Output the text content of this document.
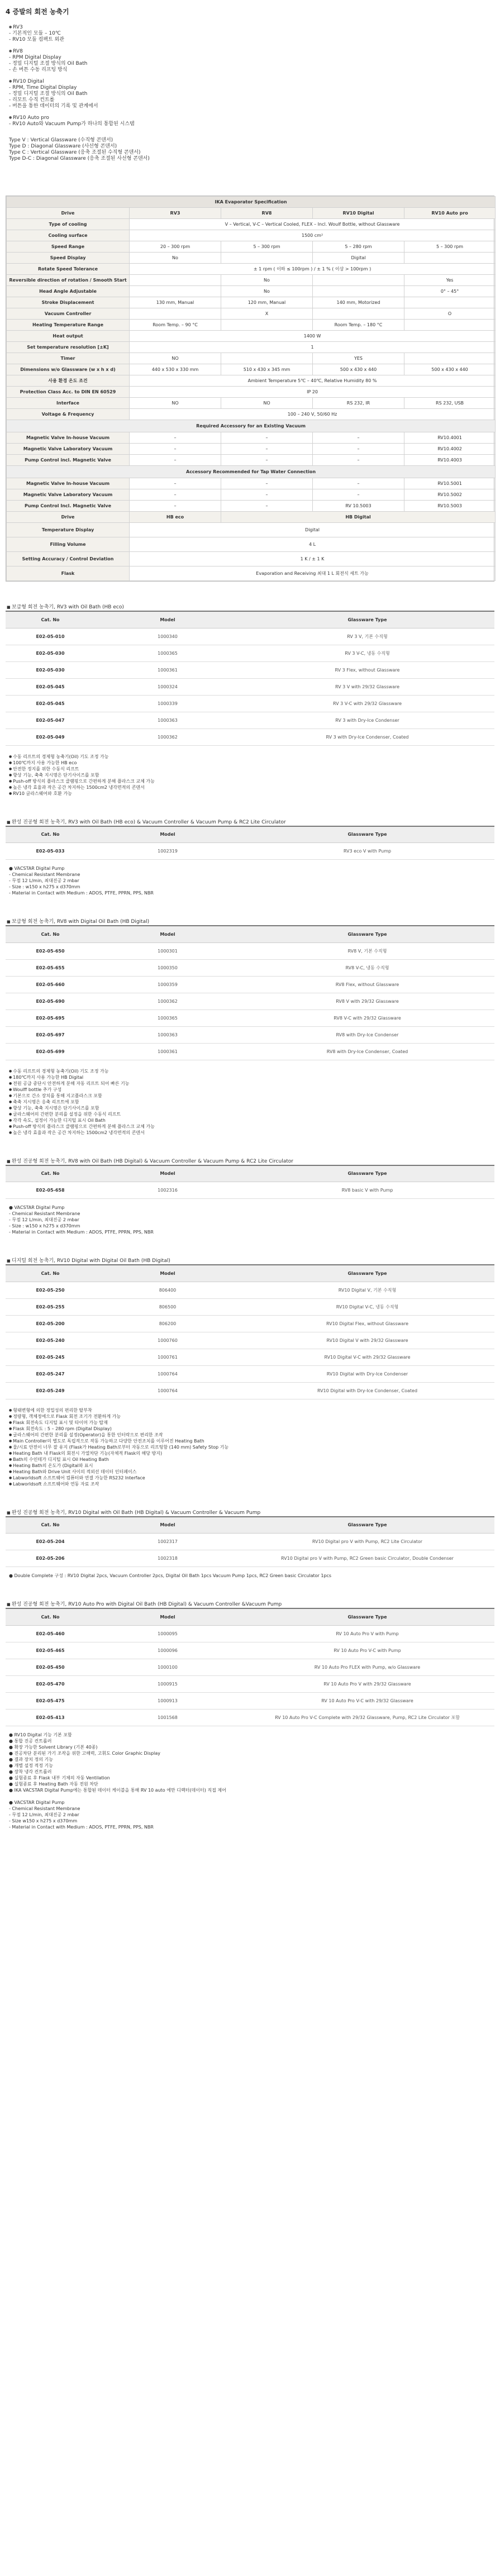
4 증발의 회전 농축기
● RV3
- 기본적인 모듈 – 10℃
- RV10 모듈 컴팩트 외관
● RV8
- RPM Digital Display
- 정밀 디지털 조절 방식의 Oil Bath
- 손 버튼 수동 리프팅 방식
● RV10 Digital
- RPM, Time Digital Display
- 정밀 디지털 조절 방식의 Oil Bath
- 리모트 수직 컨트롤
- 버튼을 통한 데이터의 기록 및 관계에서
● RV10 Auto pro
- RV10 Auto와 Vacuum Pump가 하나의 통합된 시스템
Type V : Vertical Glassware (수직형 콘덴서)
Type D : Diagonal Glassware (사선형 콘덴서)
Type C : Vertical Glassware (응축 조절된 수직형 콘덴서)
Type D-C : Diagonal Glassware (응축 조절된 사선형 콘덴서)
IKA Evaporator Specification				
Drive	RV3	RV8	RV10 Digital	RV10 Auto pro
Type of cooling	V – Vertical, V-C – Vertical Cooled, FLEX – Incl. Woulf Bottle, without Glassware			
Cooling surface	1500 cm²			
Speed Range	20 – 300 rpm	5 – 300 rpm	5 – 280 rpm	5 – 300 rpm
Speed Display	No		Digital	
Rotate Speed Tolerance	± 1 rpm ( 이하 ≤ 100rpm ) / ± 1 % ( 이상 > 100rpm )			
Reversible direction of rotation / Smooth Start		No		Yes
Head Angle Adjustable		No		0° – 45°
Stroke Displacement	130 mm, Manual	120 mm, Manual	140 mm, Motorized	
Vacuum Controller		X		O
Heating Temperature Range	Room Temp. – 90 °C		Room Temp. – 180 °C	
Heat output	1400 W			
Set temperature resolution [±K]	1			
Timer	NO		YES	
Dimensions w/o Glassware (w x h x d)	440 x 530 x 330 mm	510 x 430 x 345 mm	500 x 430 x 440	500 x 430 x 440
사용 환경 온도 조건	Ambient Temperature 5℃ – 40℃, Relative Humidity 80 %			
Protection Class Acc. to DIN EN 60529	IP 20			
Interface	NO	NO	RS 232, IR	RS 232, USB
Voltage & Frequency	100 – 240 V, 50/60 Hz			
Required Accessory for an Existing Vacuum				
Magnetic Valve In-house Vacuum	–	–	–	RV10.4001
Magnetic Valve Laboratory Vacuum	–	–	–	RV10.4002
Pump Control incl. Magnetic Valve	–	–	–	RV10.4003
Accessory Recommended for Tap Water Connection				
Magnetic Valve In-house Vacuum	–	–	–	RV10.5001
Magnetic Valve Laboratory Vacuum	–	–	–	RV10.5002
Pump Control Incl. Magnetic Valve	–	–	RV 10.5003	RV10.5003
Drive	HB eco	HB Digital		
Temperature Display	Digital			
Filling Volume	4 L			
Setting Accuracy / Control Deviation	1 K / ± 1 K			
Flask	Evaporation and Receiving 최대 1 L 회전식 세트 가능			
■ 보급형 회전 농축기, RV3 with Oil Bath (HB eco)
Cat. No	Model	Glassware Type
E02-05-010	1000340	RV 3 V, 기본 수직형
E02-05-030	1000365	RV 3 V-C, 냉동 수직형
E02-05-030	1000361	RV 3 Flex, without Glassware
E02-05-045	1000324	RV 3 V with 29/32 Glassware
E02-05-045	1000339	RV 3 V-C with 29/32 Glassware
E02-05-047	1000363	RV 3 with Dry-Ice Condenser
E02-05-049	1000362	RV 3 with Dry-Ice Condenser, Coated
● 수동 리프트의 경제형 농축기(Oil) 기도 조정 가능
● 100℃까지 사용 가능한 HB eco
● 안전한 정지를 위한 수동식 리프트
● 향상 기능, 축축 지시명은 단기사이즈를 포함
● Push-off 방식의 플라스크 클램핑으로 간편하게 분해 플라스크 교체 가능
● 높은 냉각 효율과 작은 공간 차지하는 1500cm2 냉각면적의 콘덴서
● RV10 글라스웨어와 호환 가능
■ 완성 진공형 회전 농축기, RV3 with Oil Bath (HB eco) & Vacuum Controller & Vacuum Pump & RC2 Lite Circulator
Cat. No	Model	Glassware Type
E02-05-033	1002319	RV3 eco V with Pump
● VACSTAR Digital Pump
- Chemical Resistant Membrane
- 무점 12 L/min, 최대진공 2 mbar
- Size : w150 x h275 x d370mm
- Material in Contact with Medium : ADOS, PTFE, PPRN, PPS, NBR
■ 보급형 회전 농축기, RV8 with Digital Oil Bath (HB Digital)
Cat. No	Model	Glassware Type
E02-05-650	1000301	RV8 V, 기본 수직형
E02-05-655	1000350	RV8 V-C, 냉동 수직형
E02-05-660	1000359	RV8 Flex, without Glassware
E02-05-690	1000362	RV8 V with 29/32 Glassware
E02-05-695	1000365	RV8 V-C with 29/32 Glassware
E02-05-697	1000363	RV8 with Dry-Ice Condenser
E02-05-699	1000361	RV8 with Dry-Ice Condenser, Coated
● 수동 리프트의 경제형 농축기(Oil) 기도 조정 가능
● 180℃까지 사용 가능한 HB Digital
● 전원 공급 중단시 안전하게 분해 자동 리프트 되어 빠른 기능
● Woulff bottle 추가 구성
● 기본으로 간소 장치를 통해 지고플라스크 포함
● 축축 지시명은 응축 리프트에 포함
● 향상 기능, 축축 지시명은 단기사이즈를 포함
● 글라스웨어의 간편한 분리를 설정을 위한 수동식 리프트
● 각각 속도, 설정이 가능한 디지털 표시 Oil Bath
● Push-off 방식의 플라스크 클램핑으로 간편하게 분해 플라스크 교체 가능
● 높은 냉각 효율과 작은 공간 차지하는 1500cm2 냉각면적의 콘덴서
■ 완성 진공형 회전 농축기, RV8 with Oil Bath (HB Digital) & Vacuum Controller & Vacuum Pump & RC2 Lite Circulator
Cat. No	Model	Glassware Type
E02-05-658	1002316	RV8 basic V with Pump
● VACSTAR Digital Pump
- Chemical Resistant Membrane
- 무점 12 L/min, 최대진공 2 mbar
- Size : w150 x h275 x d370mm
- Material in Contact with Medium : ADOS, PTFE, PPRN, PPS, NBR
■ 디지털 회전 농축기, RV10 Digital with Digital Oil Bath (HB Digital)
Cat. No	Model	Glassware Type
E02-05-250	806400	RV10 Digital V, 기본 수직형
E02-05-255	806500	RV10 Digital V-C, 냉동 수직형
E02-05-200	806200	RV10 Digital Flex, without Glassware
E02-05-240	1000760	RV10 Digital V with 29/32 Glassware
E02-05-245	1000761	RV10 Digital V-C with 29/32 Glassware
E02-05-247	1000764	RV10 Digital with Dry-Ice Condenser
E02-05-249	1000764	RV10 Digital with Dry-Ice Condenser, Coated
● 형태변형에 의한 정밀성의 편리한 탈부착
● 정량형, 객체정에으로 Flask 회전 조기가 전환하게 가능
● Flask 회전속도 디지털 표시 및 타이머 가능 탑재
● Flask 회전속도 : 5 – 280 rpm (Digital Display)
● 글라스웨어의 간편한 분리를 설정(Operator)을 통한 인터락으로 편리한 조작
● Main Controller의 별도로 독립적으로 작동 가능하고 다양한 안전조치를 이루어진 Heating Bath
● 물/시료 안전이 너무 잘 유지 (Flask가 Heating Bath로부터 자동으로 리프팅함 (140 mm) Safety Stop 기능
● Heating Bath 내 Flask의 회전시 가열차단 기능(자체적 Flask의 해당 방지)
● Bath의 수인테가 디지털 표시 Oil Heating Bath
● Heating Bath의 온도가 (Digital와 표시
● Heating Bath와 Drive Unit 사이의 적외선 데이터 인터페이스
● Labworldsoft 소프트웨어 컴퓨터와 연결 가능한 RS232 Interface
● Labworldsoft 소프트웨어와 연동 자료 조작
■ 완성 진공형 회전 농축기, RV10 Digital with Oil Bath (HB Digital) & Vacuum Controller & Vacuum Pump
Cat. No	Model	Glassware Type
E02-05-204	1002317	RV10 Digital pro V with Pump, RC2 Lite Circulator
E02-05-206	1002318	RV10 Digital pro V with Pump, RC2 Green basic Circulator, Double Condenser
● Double Complete 구성 : RV10 Digital 2pcs, Vacuum Controller 2pcs, Digital Oil Bath 1pcs Vacuum Pump 1pcs, RC2 Green basic Circulator 1pcs
■ 완성 진공형 회전 농축기, RV10 Auto Pro with Digital Oil Bath (HB Digital) & Vacuum Controller &Vacuum Pump
Cat. No	Model	Glassware Type
E02-05-460	1000095	RV 10 Auto Pro V with Pump
E02-05-465	1000096	RV 10 Auto Pro V-C with Pump
E02-05-450	1000100	RV 10 Auto Pro FLEX with Pump, w/o Glassware
E02-05-470	1000915	RV 10 Auto Pro V with 29/32 Glassware
E02-05-475	1000913	RV 10 Auto Pro V-C with 29/32 Glassware
E02-05-413	1001568	RV 10 Auto Pro V-C Complete with 29/32 Glassware, Pump, RC2 Lite Circulator 포함
● RV10 Digital 기능 기본 포함
● 통합 진공 컨트롤러
● 확장 가능한 Solvent Library (기본 40종)
● 진공차단 분리된 가기 조작을 위한 고해력, 고휘도 Color Graphic Display
● 결과 장치 정의 기능
● 개별 설정 적정 기능
● 장착 냉각 컨트롤러
● 실험종료 후 Flask 내부 기체의 자동 Ventilation
● 실험종료 후 Heating Bath 자동 전원 차단
● IKA VACSTAR Digital Pump에는 통합된 데이터 케이블을 통해 RV 10 auto 에만 디렉터(데이터) 직접 제어

● VACSTAR Digital Pump
- Chemical Resistant Membrane
- 무점 12 L/min, 최대진공 2 mbar
- Size w150 x h275 x d370mm
- Material in Contact with Medium : ADOS, PTFE, PPRN, PPS, NBR
